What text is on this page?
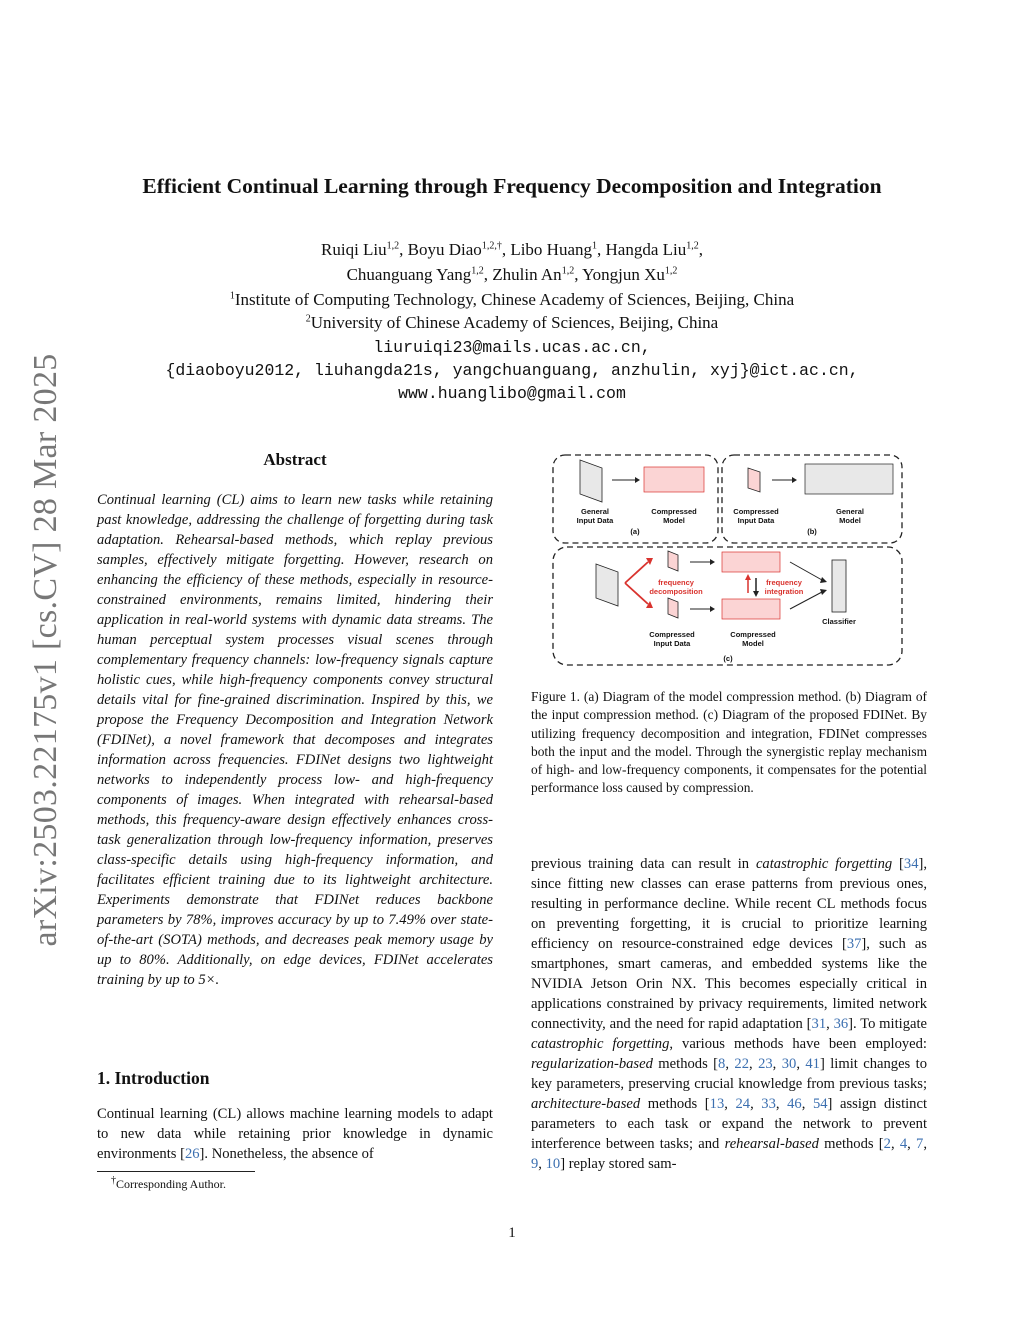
arXiv:2503.22175v1 [cs.CV] 28 Mar 2025
Efficient Continual Learning through Frequency Decomposition and Integration
Ruiqi Liu$^{1,2}$, Boyu Diao$^{1,2,\dagger}$, Libo Huang$^1$, Hangda Liu$^{1,2}$,
Chuanguang Yang$^{1,2}$, Zhulin An$^{1,2}$, Yongjun Xu$^{1,2}$
$^1$Institute of Computing Technology, Chinese Academy of Sciences, Beijing, China
$^2$University of Chinese Academy of Sciences, Beijing, China
liuruiqi23@mails.ucas.ac.cn,
{diaoboyu2012, liuhangda21s, yangchuanguang, anzhulin, xyj}@ict.ac.cn,
www.huanglibo@gmail.com
Abstract

Continual learning (CL) aims to learn new tasks while retaining past knowledge, addressing the challenge of forgetting during task adaptation. Rehearsal-based methods, which replay previous samples, effectively mitigate forgetting. However, research on enhancing the efficiency of these methods, especially in resource-constrained environments, remains limited, hindering their application in real-world systems with dynamic data streams. The human perceptual system processes visual scenes through complementary frequency channels: low-frequency signals capture holistic cues, while high-frequency components convey structural details vital for fine-grained discrimination. Inspired by this, we propose the Frequency Decomposition and Integration Network (FDINet), a novel framework that decomposes and integrates information across frequencies. FDINet designs two lightweight networks to independently process low- and high-frequency components of images. When integrated with rehearsal-based methods, this frequency-aware design effectively enhances cross-task generalization through low-frequency information, preserves class-specific details using high-frequency information, and facilitates efficient training due to its lightweight architecture. Experiments demonstrate that FDINet reduces backbone parameters by 78%, improves accuracy by up to 7.49% over state-of-the-art (SOTA) methods, and decreases peak memory usage by up to 80%. Additionally, on edge devices, FDINet accelerates training by up to 5×.

1. Introduction

Continual learning (CL) allows machine learning models to adapt to new data while retaining prior knowledge in dynamic environments [26]. Nonetheless, the absence of

†Corresponding Author.
General
Input Data
Compressed
Model
(a)
Compressed
Input Data
General
Model
(b)
frequency
decomposition
frequency
integration
Classifier
Compressed
Input Data
Compressed
Model
(c)

Figure 1. (a) Diagram of the model compression method. (b) Diagram of the input compression method. (c) Diagram of the proposed FDINet. By utilizing frequency decomposition and integration, FDINet compresses both the input and the model. Through the synergistic replay mechanism of high- and low-frequency components, it compensates for the potential performance loss caused by compression.

previous training data can result in catastrophic forgetting [34], since fitting new classes can erase patterns from previous ones, resulting in performance decline. While recent CL methods focus on preventing forgetting, it is crucial to prioritize learning efficiency on resource-constrained edge devices [37], such as smartphones, smart cameras, and embedded systems like the NVIDIA Jetson Orin NX. This becomes especially critical in applications constrained by privacy requirements, limited network connectivity, and the need for rapid adaptation [31, 36]. To mitigate catastrophic forgetting, various methods have been employed: regularization-based methods [8, 22, 23, 30, 41] limit changes to key parameters, preserving crucial knowledge from previous tasks; architecture-based methods [13, 24, 33, 46, 54] assign distinct parameters to each task or expand the network to prevent interference between tasks; and rehearsal-based methods [2, 4, 7, 9, 10] replay stored sam-

1
